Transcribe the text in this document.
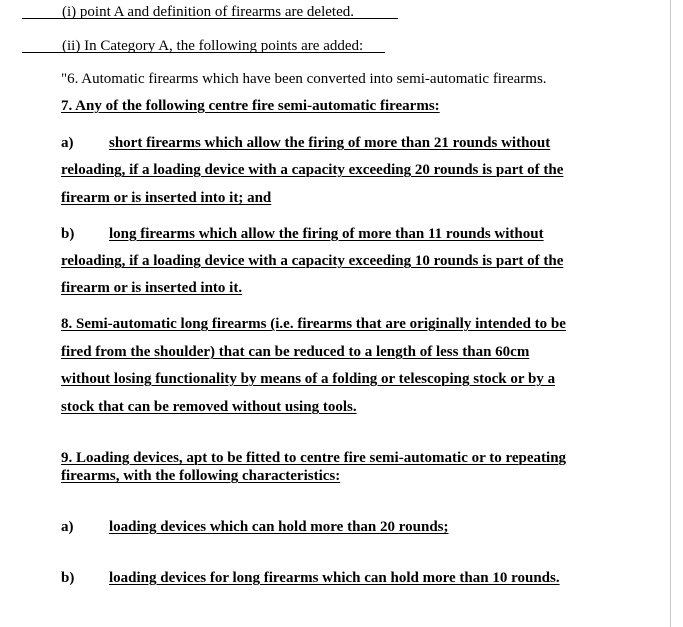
(i) point A and definition of firearms are deleted.
(ii) In Category A, the following points are added:
"6. Automatic firearms which have been converted into semi-automatic firearms.
7. Any of the following centre fire semi-automatic firearms:
a) short firearms which allow the firing of more than 21 rounds without
reloading, if a loading device with a capacity exceeding 20 rounds is part of the
firearm or is inserted into it; and
b) long firearms which allow the firing of more than 11 rounds without
reloading, if a loading device with a capacity exceeding 10 rounds is part of the
firearm or is inserted into it.
8. Semi-automatic long firearms (i.e. firearms that are originally intended to be
fired from the shoulder) that can be reduced to a length of less than 60cm
without losing functionality by means of a folding or telescoping stock or by a
stock that can be removed without using tools.
9. Loading devices, apt to be fitted to centre fire semi-automatic or to repeating
firearms, with the following characteristics:
a) loading devices which can hold more than 20 rounds;
b) loading devices for long firearms which can hold more than 10 rounds.
